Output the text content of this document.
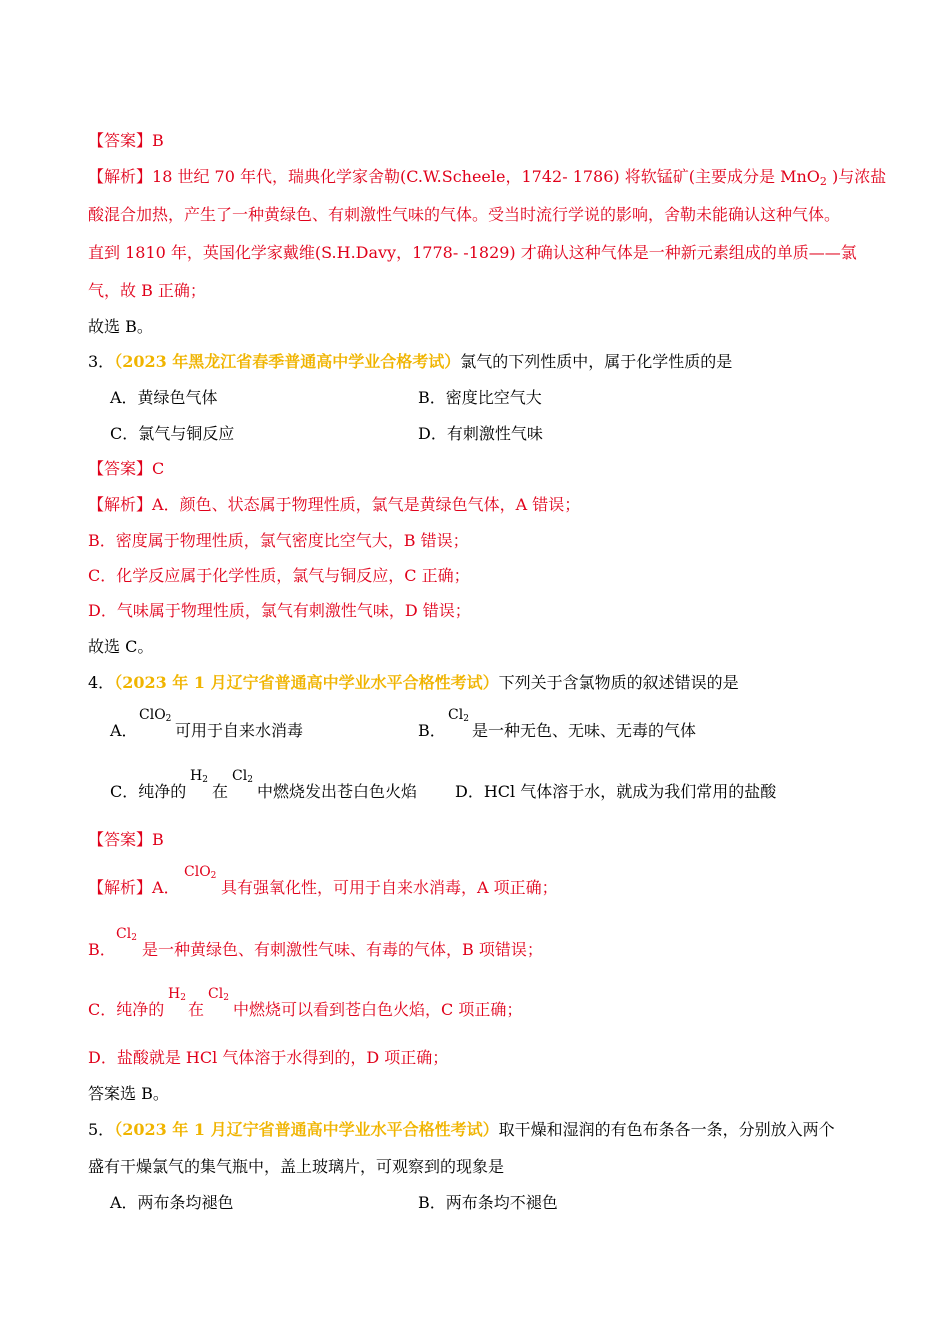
【答案】B
【解析】18 世纪 70 年代，瑞典化学家舍勒(C.W.Scheele，1742- 1786) 将软锰矿(主要成分是 MnO$_2$ )与浓盐
酸混合加热，产生了一种黄绿色、有刺激性气味的气体。受当时流行学说的影响，舍勒未能确认这种气体。
直到 1810 年，英国化学家戴维(S.H.Davy，1778- -1829) 才确认这种气体是一种新元素组成的单质——氯
气，故 B 正确；
故选 B。
3．（2023 年黑龙江省春季普通高中学业合格考试）氯气的下列性质中，属于化学性质的是
A．黄绿色气体	B．密度比空气大
C．氯气与铜反应	D．有刺激性气味
【答案】C
【解析】A．颜色、状态属于物理性质，氯气是黄绿色气体，A 错误；
B．密度属于物理性质，氯气密度比空气大，B 错误；
C．化学反应属于化学性质，氯气与铜反应，C 正确；
D．气味属于物理性质，氯气有刺激性气味，D 错误；
故选 C。
4．（2023 年 1 月辽宁省普通高中学业水平合格性考试）下列关于含氯物质的叙述错误的是
A．
ClO$_2$
可用于自来水消毒	B．
$Cl_2$
是一种无色、无味、无毒的气体
C．纯净的
$H_2$
在
$Cl_2$
中燃烧发出苍白色火焰 D．HCl 气体溶于水，就成为我们常用的盐酸
【答案】B
【解析】A．
ClO$_2$
具有强氧化性，可用于自来水消毒，A 项正确；
B．
$Cl_2$
是一种黄绿色、有刺激性气味、有毒的气体，B 项错误；
C．纯净的
$H_2$
在
$Cl_2$
中燃烧可以看到苍白色火焰，C 项正确；
D．盐酸就是 HCl 气体溶于水得到的，D 项正确；
答案选 B。
5．（2023 年 1 月辽宁省普通高中学业水平合格性考试）取干燥和湿润的有色布条各一条，分别放入两个
盛有干燥氯气的集气瓶中，盖上玻璃片，可观察到的现象是
A．两布条均褪色	B．两布条均不褪色
